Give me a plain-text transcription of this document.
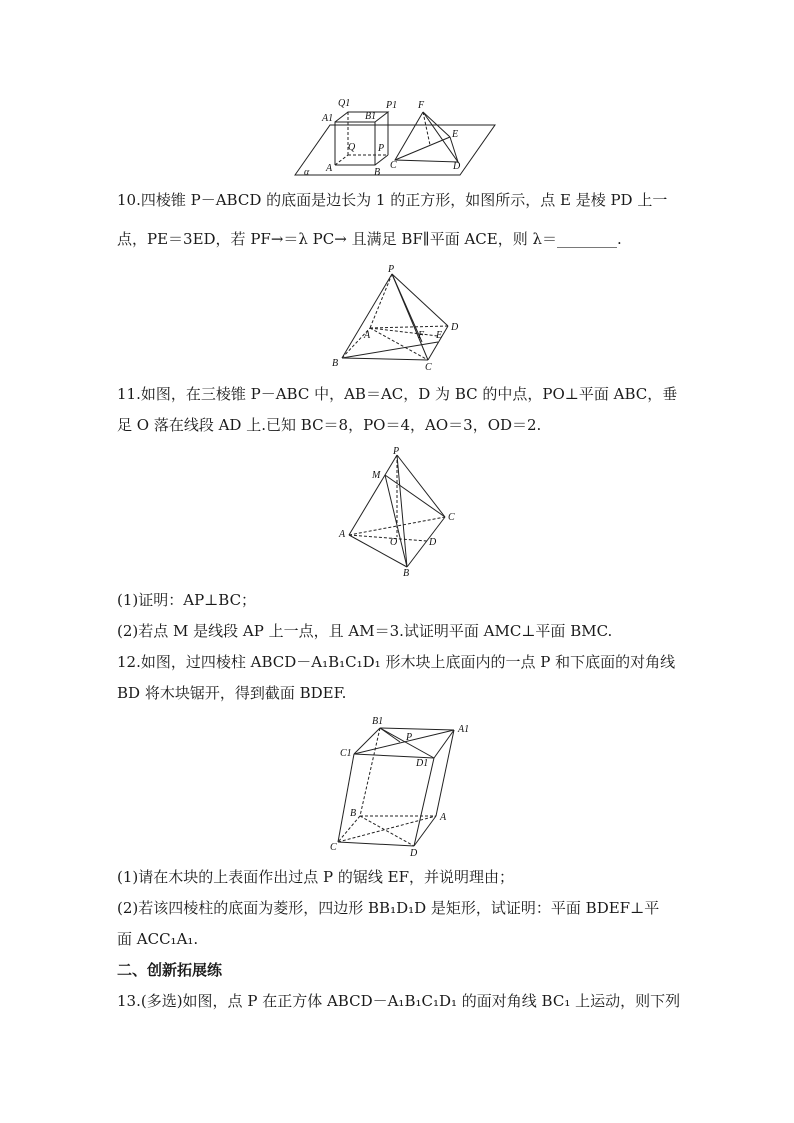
Q1
B1
P1
A1
F
E
Q P
A	B
C	D
α
10.四棱锥 P－ABCD 的底面是边长为 1 的正方形，如图所示，点 E 是棱 PD 上一
点，PE＝3ED，若 PF→＝λ PC→ 且满足 BF∥平面 ACE，则 λ＝________.
P
E
A	F
D
B	C
11.如图，在三棱锥 P－ABC 中，AB＝AC，D 为 BC 的中点，PO⊥平面 ABC，垂
足 O 落在线段 AD 上.已知 BC＝8，PO＝4，AO＝3，OD＝2.
P
M
C
A
O	D
B
(1)证明：AP⊥BC；
(2)若点 M 是线段 AP 上一点，且 AM＝3.试证明平面 AMC⊥平面 BMC.
12.如图，过四棱柱 ABCD－A₁B₁C₁D₁ 形木块上底面内的一点 P 和下底面的对角线
BD 将木块锯开，得到截面 BDEF.
B1
A1
P
C1
D1
B	A
C
D
(1)请在木块的上表面作出过点 P 的锯线 EF，并说明理由；
(2)若该四棱柱的底面为菱形，四边形 BB₁D₁D 是矩形，试证明：平面 BDEF⊥平
面 ACC₁A₁.
二、创新拓展练
13.(多选)如图，点 P 在正方体 ABCD－A₁B₁C₁D₁ 的面对角线 BC₁ 上运动，则下列
